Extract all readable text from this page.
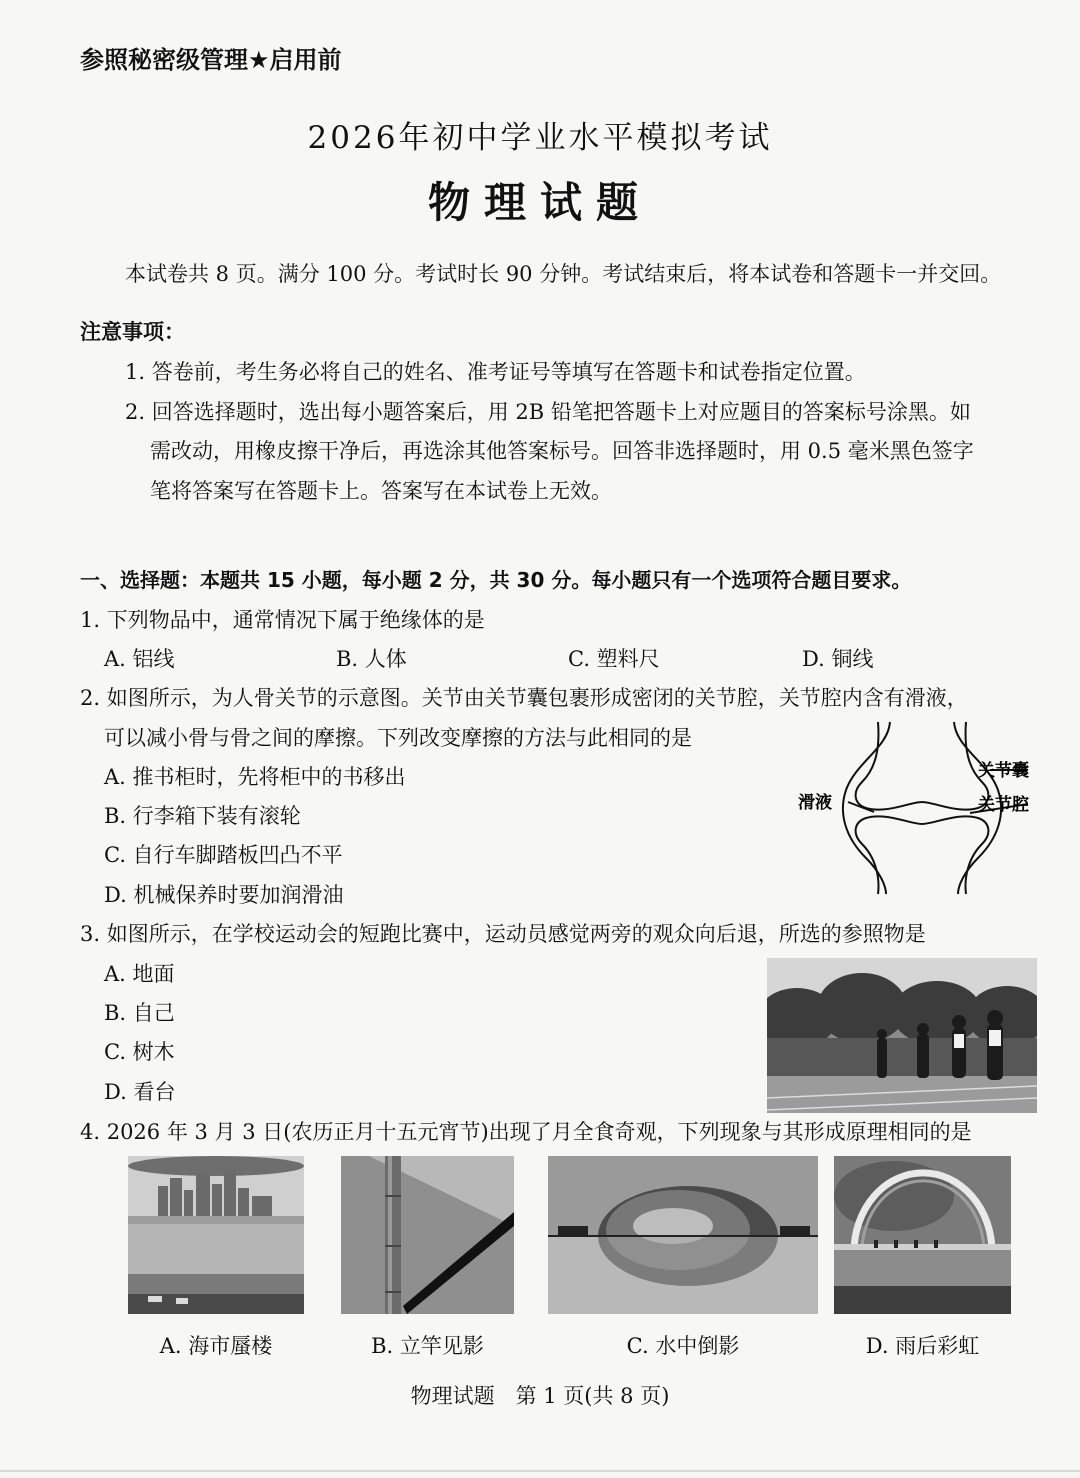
参照秘密级管理★启用前
2026年初中学业水平模拟考试
物理试题
本试卷共 8 页。满分 100 分。考试时长 90 分钟。考试结束后，将本试卷和答题卡一并交回。
注意事项：
1. 答卷前，考生务必将自己的姓名、准考证号等填写在答题卡和试卷指定位置。
2. 回答选择题时，选出每小题答案后，用 2B 铅笔把答题卡上对应题目的答案标号涂黑。如
需改动，用橡皮擦干净后，再选涂其他答案标号。回答非选择题时，用 0.5 毫米黑色签字
笔将答案写在答题卡上。答案写在本试卷上无效。
一、选择题：本题共 15 小题，每小题 2 分，共 30 分。每小题只有一个选项符合题目要求。
1. 下列物品中，通常情况下属于绝缘体的是
A. 铝线	B. 人体	C. 塑料尺	D. 铜线
2. 如图所示，为人骨关节的示意图。关节由关节囊包裹形成密闭的关节腔，关节腔内含有滑液，
可以减小骨与骨之间的摩擦。下列改变摩擦的方法与此相同的是
A. 推书柜时，先将柜中的书移出
B. 行李箱下装有滚轮
C. 自行车脚踏板凹凸不平
D. 机械保养时要加润滑油
关节囊
滑液	关节腔
3. 如图所示，在学校运动会的短跑比赛中，运动员感觉两旁的观众向后退，所选的参照物是
A. 地面
B. 自己
C. 树木
D. 看台
4. 2026 年 3 月 3 日(农历正月十五元宵节)出现了月全食奇观，下列现象与其形成原理相同的是
A. 海市蜃楼	B. 立竿见影	C. 水中倒影	D. 雨后彩虹
物理试题　第 1 页(共 8 页)
